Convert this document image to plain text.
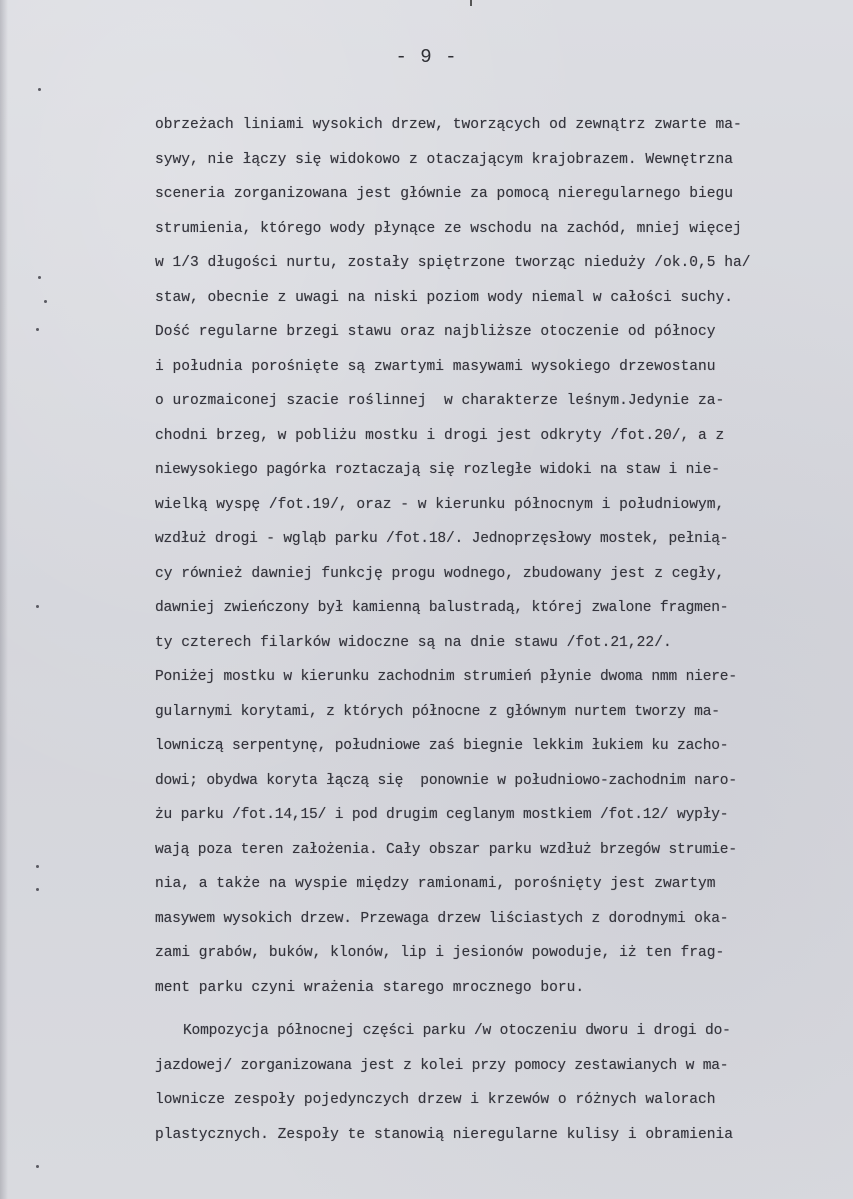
- 9 -
obrzeżach liniami wysokich drzew, tworzących od zewnątrz zwarte ma-
sywy, nie łączy się widokowo z otaczającym krajobrazem. Wewnętrzna
sceneria zorganizowana jest głównie za pomocą nieregularnego biegu
strumienia, którego wody płynące ze wschodu na zachód, mniej więcej
w 1/3 długości nurtu, zostały spiętrzone tworząc nieduży /ok.0,5 ha/
staw, obecnie z uwagi na niski poziom wody niemal w całości suchy.
Dość regularne brzegi stawu oraz najbliższe otoczenie od północy
i południa porośnięte są zwartymi masywami wysokiego drzewostanu
o urozmaiconej szacie roślinnej  w charakterze leśnym.Jedynie za-
chodni brzeg, w pobliżu mostku i drogi jest odkryty /fot.20/, a z
niewysokiego pagórka roztaczają się rozległe widoki na staw i nie-
wielką wyspę /fot.19/, oraz - w kierunku północnym i południowym,
wzdłuż drogi - wgląb parku /fot.18/. Jednoprzęsłowy mostek, pełnią-
cy również dawniej funkcję progu wodnego, zbudowany jest z cegły,
dawniej zwieńczony był kamienną balustradą, której zwalone fragmen-
ty czterech filarków widoczne są na dnie stawu /fot.21,22/.
Poniżej mostku w kierunku zachodnim strumień płynie dwoma nmm niere-
gularnymi korytami, z których północne z głównym nurtem tworzy ma-
lowniczą serpentynę, południowe zaś biegnie lekkim łukiem ku zacho-
dowi; obydwa koryta łączą się  ponownie w południowo-zachodnim naro-
żu parku /fot.14,15/ i pod drugim ceglanym mostkiem /fot.12/ wypły-
wają poza teren założenia. Cały obszar parku wzdłuż brzegów strumie-
nia, a także na wyspie między ramionami, porośnięty jest zwartym
masywem wysokich drzew. Przewaga drzew liściastych z dorodnymi oka-
zami grabów, buków, klonów, lip i jesionów powoduje, iż ten frag-
ment parku czyni wrażenia starego mrocznego boru.
Kompozycja północnej części parku /w otoczeniu dworu i drogi do-
jazdowej/ zorganizowana jest z kolei przy pomocy zestawianych w ma-
lownicze zespoły pojedynczych drzew i krzewów o różnych walorach
plastycznych. Zespoły te stanowią nieregularne kulisy i obramienia
